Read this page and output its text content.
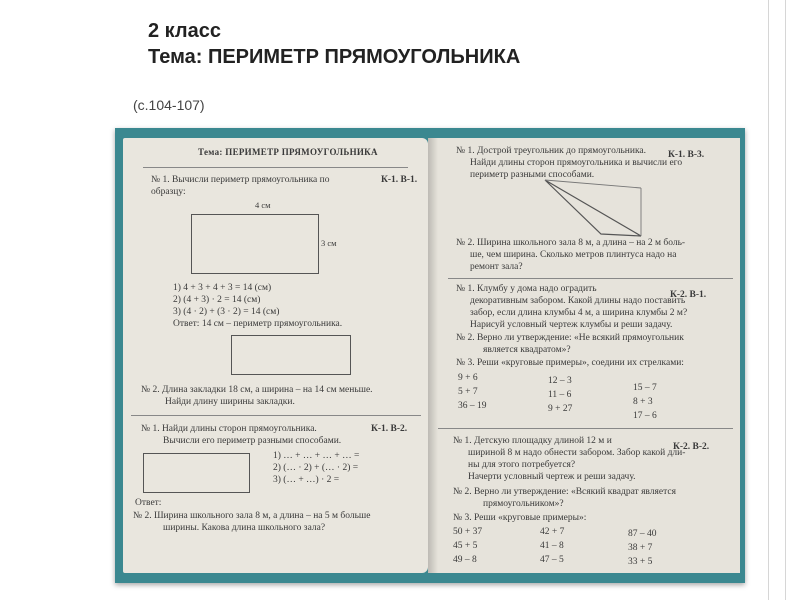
2 класс
Тема: ПЕРИМЕТР ПРЯМОУГОЛЬНИКА
(с.104-107)
Тема: ПЕРИМЕТР ПРЯМОУГОЛЬНИКА
№ 1. Вычисли периметр прямоугольника по	К-1. В-1.
образцу:
4 см
3 см
1) 4 + 3 + 4 + 3 = 14 (см)
2) (4 + 3) · 2 = 14 (см)
3) (4 · 2) + (3 · 2) = 14 (см)
Ответ: 14 см – периметр прямоугольника.
№ 2. Длина закладки 18 см, а ширина – на 14 см меньше.
Найди длину ширины закладки.
№ 1. Найди длины сторон прямоугольника.	К-1. В-2.
Вычисли его периметр разными способами.
1) … + … + … + … =
2) (… · 2) + (… · 2) =
3) (… + …) · 2 =
Ответ:
№ 2. Ширина школьного зала 8 м, а длина – на 5 м больше
ширины. Какова длина школьного зала?
№ 1. Дострой треугольник до прямоугольника. К-1. В-3.
Найди длины сторон прямоугольника и вычисли его
периметр разными способами.
№ 2. Ширина школьного зала 8 м, а длина – на 2 м боль-
ше, чем ширина. Сколько метров плинтуса надо на
ремонт зала?
№ 1. Клумбу у дома надо оградить
К-2. В-1.
декоративным забором. Какой длины надо поставить
забор, если длина клумбы 4 м, а ширина клумбы 2 м?
Нарисуй условный чертеж клумбы и реши задачу.
№ 2. Верно ли утверждение: «Не всякий прямоугольник
является квадратом»?
№ 3. Реши «круговые примеры», соедини их стрелками:
9 + 6
5 + 7
36 – 19
12 – 3
11 – 6
9 + 27
15 – 7
8 + 3
17 – 6
№ 1. Детскую площадку длиной 12 м и
К-2. В-2.
шириной 8 м надо обнести забором. Забор какой дли-
ны для этого потребуется?
Начерти условный чертеж и реши задачу.
№ 2. Верно ли утверждение: «Всякий квадрат является
прямоугольником»?
№ 3. Реши «круговые примеры»:
50 + 37
45 + 5
49 – 8
42 + 7
41 – 8
47 – 5
87 – 40
38 + 7
33 + 5
